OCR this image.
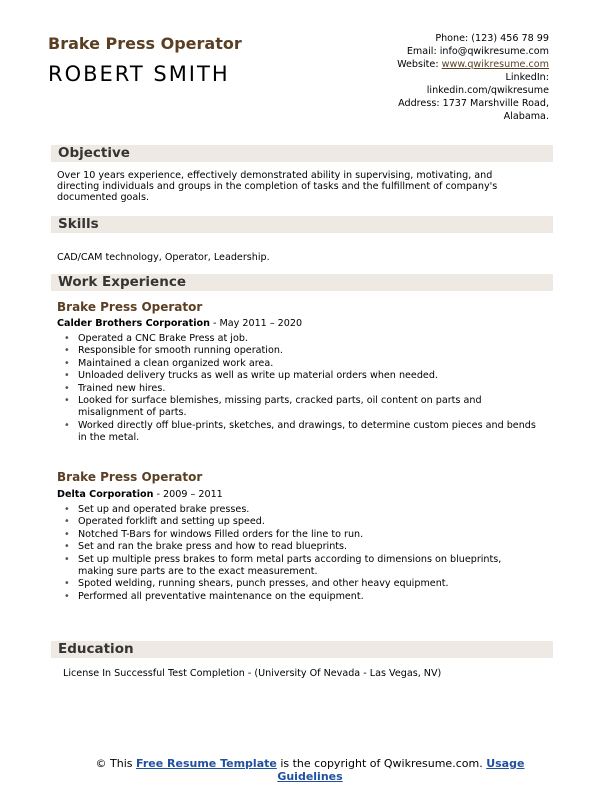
Brake Press Operator
ROBERT SMITH
Phone: (123) 456 78 99
Email: info@qwikresume.com
Website: www.qwikresume.com
LinkedIn:
linkedin.com/qwikresume
Address: 1737 Marshville Road,
Alabama.
Objective
Over 10 years experience, effectively demonstrated ability in supervising, motivating, and directing individuals and groups in the completion of tasks and the fulfillment of company's documented goals.
Skills
CAD/CAM technology, Operator, Leadership.
Work Experience
Brake Press Operator
Calder Brothers Corporation - May 2011 – 2020
• Operated a CNC Brake Press at job.
• Responsible for smooth running operation.
• Maintained a clean organized work area.
• Unloaded delivery trucks as well as write up material orders when needed.
• Trained new hires.
• Looked for surface blemishes, missing parts, cracked parts, oil content on parts and misalignment of parts.
• Worked directly off blue-prints, sketches, and drawings, to determine custom pieces and bends in the metal.
Brake Press Operator
Delta Corporation - 2009 – 2011
• Set up and operated brake presses.
• Operated forklift and setting up speed.
• Notched T-Bars for windows Filled orders for the line to run.
• Set and ran the brake press and how to read blueprints.
• Set up multiple press brakes to form metal parts according to dimensions on blueprints, making sure parts are to the exact measurement.
• Spoted welding, running shears, punch presses, and other heavy equipment.
• Performed all preventative maintenance on the equipment.
Education
License In Successful Test Completion - (University Of Nevada - Las Vegas, NV)
© This Free Resume Template is the copyright of Qwikresume.com. Usage
Guidelines
